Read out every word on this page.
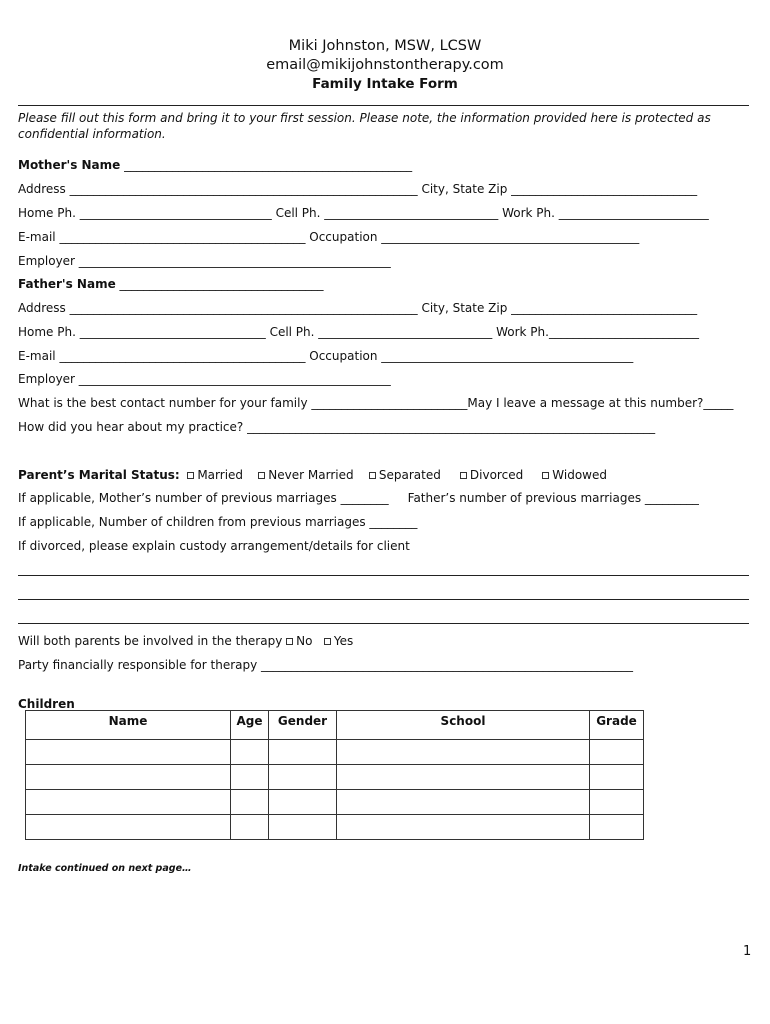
Miki Johnston, MSW, LCSW
email@mikijohnstontherapy.com
Family Intake Form
Please fill out this form and bring it to your first session. Please note, the information provided here is protected as
confidential information.
Mother's Name ________________________________________________
Address __________________________________________________________ City, State Zip _______________________________
Home Ph. ________________________________ Cell Ph. _____________________________ Work Ph. _________________________
E-mail _________________________________________ Occupation ___________________________________________
Employer ____________________________________________________
Father's Name __________________________________
Address __________________________________________________________ City, State Zip _______________________________
Home Ph. _______________________________ Cell Ph. _____________________________ Work Ph._________________________
E-mail _________________________________________ Occupation __________________________________________
Employer ____________________________________________________
What is the best contact number for your family __________________________May I leave a message at this number?_____
How did you hear about my practice? ____________________________________________________________________
Parent’s Marital Status: Married Never Married Separated Divorced Widowed
If applicable, Mother’s number of previous marriages ________     Father’s number of previous marriages _________
If applicable, Number of children from previous marriages ________
If divorced, please explain custody arrangement/details for client
Will both parents be involved in the therapy No Yes
Party financially responsible for therapy ______________________________________________________________
Children
Name	Age	Gender	School	Grade

Intake continued on next page…
1
